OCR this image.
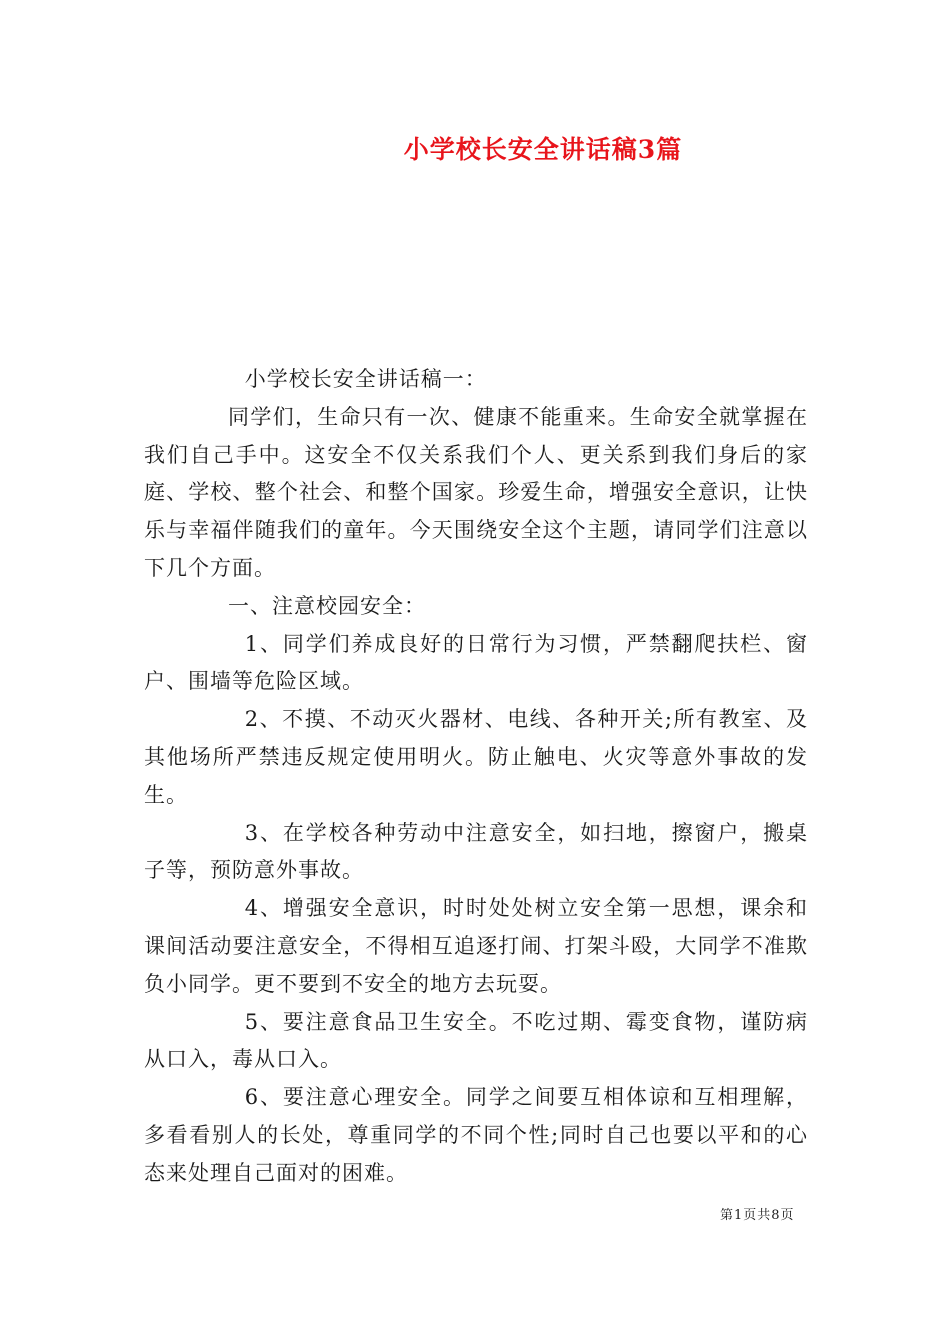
小学校长安全讲话稿3篇

小学校长安全讲话稿一：

同学们，生命只有一次、健康不能重来。生命安全就掌握在我们自己手中。这安全不仅关系我们个人、更关系到我们身后的家庭、学校、整个社会、和整个国家。珍爱生命，增强安全意识，让快乐与幸福伴随我们的童年。今天围绕安全这个主题，请同学们注意以下几个方面。

一、注意校园安全：

1、同学们养成良好的日常行为习惯，严禁翻爬扶栏、窗户、围墙等危险区域。

2、不摸、不动灭火器材、电线、各种开关;所有教室、及其他场所严禁违反规定使用明火。防止触电、火灾等意外事故的发生。

3、在学校各种劳动中注意安全，如扫地，擦窗户，搬桌子等，预防意外事故。

4、增强安全意识，时时处处树立安全第一思想，课余和课间活动要注意安全，不得相互追逐打闹、打架斗殴，大同学不准欺负小同学。更不要到不安全的地方去玩耍。

5、要注意食品卫生安全。不吃过期、霉变食物，谨防病从口入，毒从口入。

6、要注意心理安全。同学之间要互相体谅和互相理解，多看看别人的长处，尊重同学的不同个性;同时自己也要以平和的心态来处理自己面对的困难。

第1页共8页
